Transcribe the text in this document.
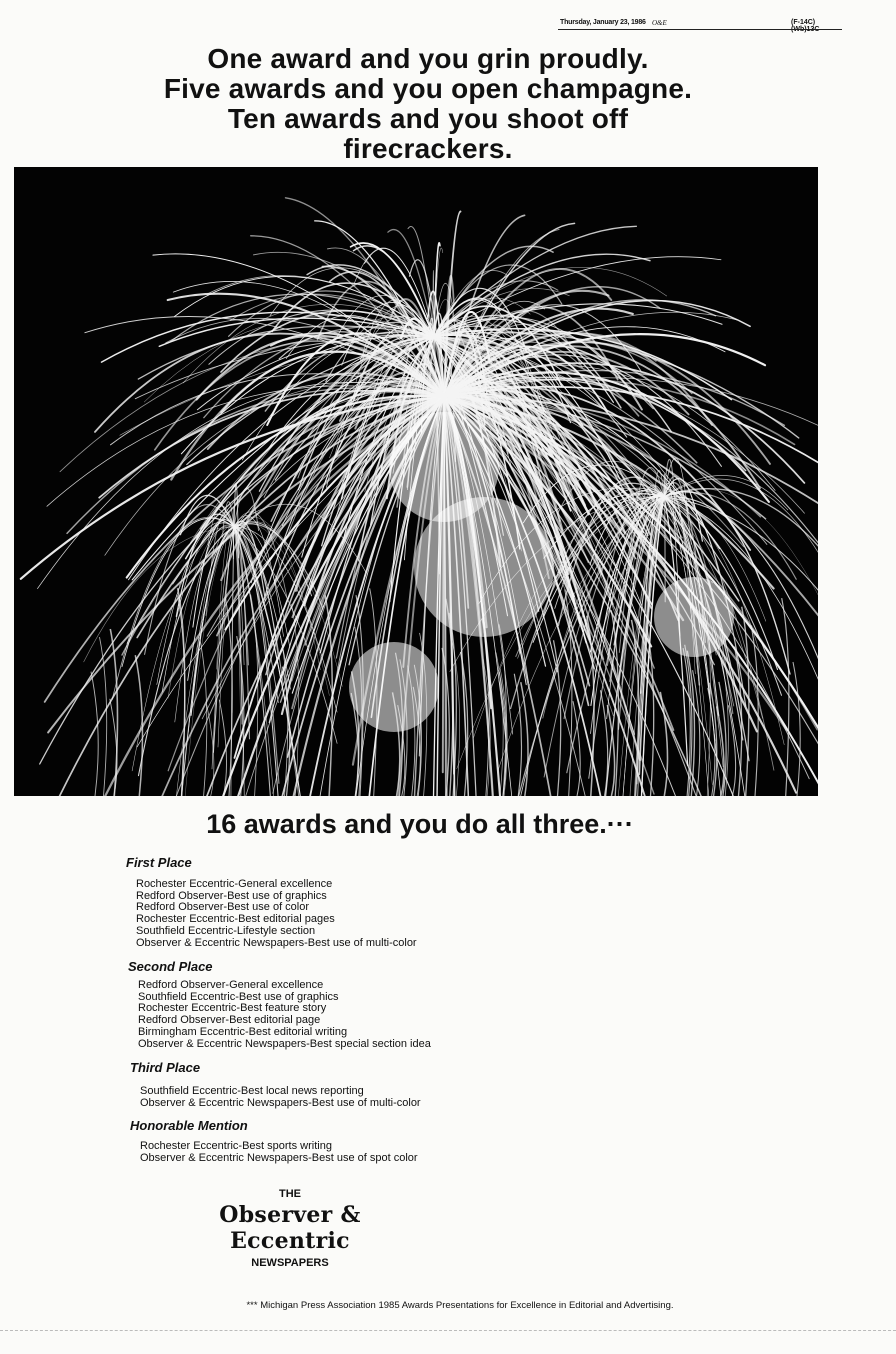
Thursday, January 23, 1986 O&E	(F-14C)(Wb)13C
One award and you grin proudly.
Five awards and you open champagne.
Ten awards and you shoot off
firecrackers.
16 awards and you do all three.···
First Place
Rochester Eccentric-General excellence
Redford Observer-Best use of graphics
Redford Observer-Best use of color
Rochester Eccentric-Best editorial pages
Southfield Eccentric-Lifestyle section
Observer & Eccentric Newspapers-Best use of multi-color
Second Place
Redford Observer-General excellence
Southfield Eccentric-Best use of graphics
Rochester Eccentric-Best feature story
Redford Observer-Best editorial page
Birmingham Eccentric-Best editorial writing
Observer & Eccentric Newspapers-Best special section idea
Third Place
Southfield Eccentric-Best local news reporting
Observer & Eccentric Newspapers-Best use of multi-color
Honorable Mention
Rochester Eccentric-Best sports writing
Observer & Eccentric Newspapers-Best use of spot color
THE
Observer & Eccentric
NEWSPAPERS
*** Michigan Press Association 1985 Awards Presentations for Excellence in Editorial and Advertising.
